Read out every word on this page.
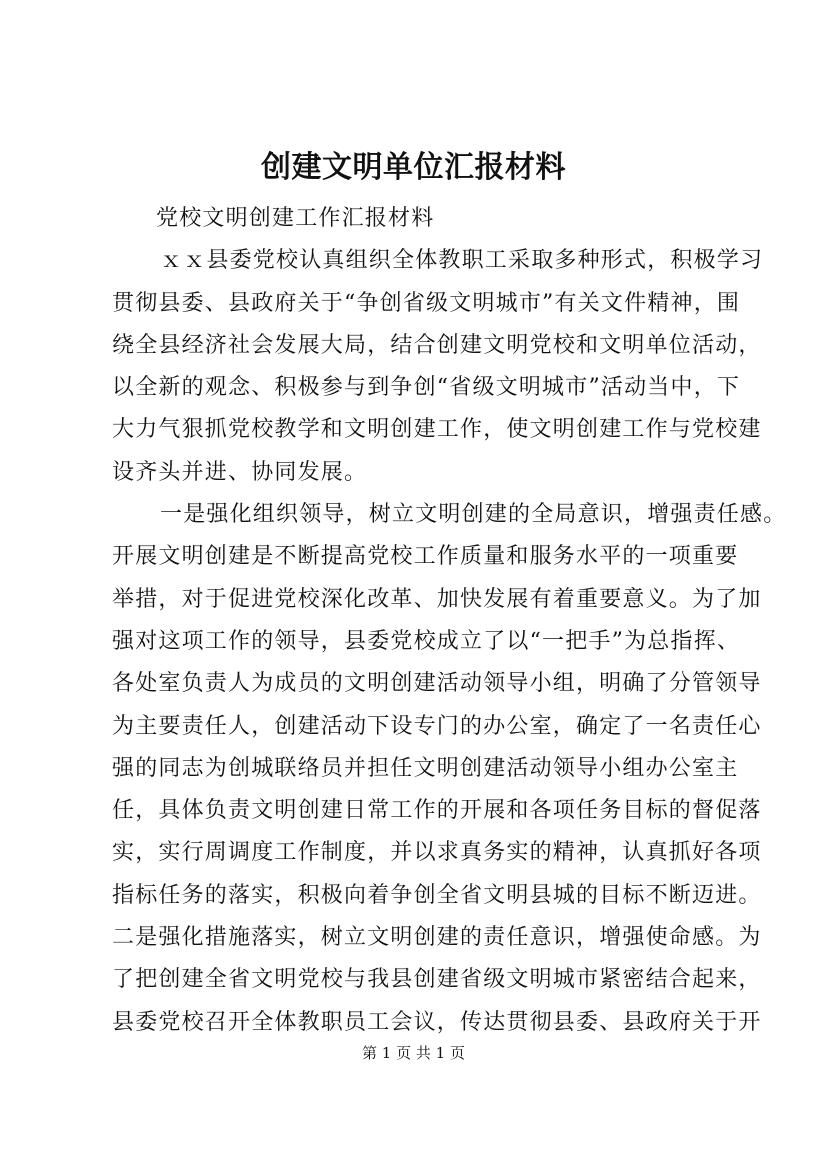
创建文明单位汇报材料
党校文明创建工作汇报材料
ｘｘ县委党校认真组织全体教职工采取多种形式，积极学习
贯彻县委、县政府关于“争创省级文明城市”有关文件精神，围
绕全县经济社会发展大局，结合创建文明党校和文明单位活动，
以全新的观念、积极参与到争创“省级文明城市”活动当中，下
大力气狠抓党校教学和文明创建工作，使文明创建工作与党校建
设齐头并进、协同发展。
一是强化组织领导，树立文明创建的全局意识，增强责任感。
开展文明创建是不断提高党校工作质量和服务水平的一项重要
举措，对于促进党校深化改革、加快发展有着重要意义。为了加
强对这项工作的领导，县委党校成立了以“一把手”为总指挥、
各处室负责人为成员的文明创建活动领导小组，明确了分管领导
为主要责任人，创建活动下设专门的办公室，确定了一名责任心
强的同志为创城联络员并担任文明创建活动领导小组办公室主
任，具体负责文明创建日常工作的开展和各项任务目标的督促落
实，实行周调度工作制度，并以求真务实的精神，认真抓好各项
指标任务的落实，积极向着争创全省文明县城的目标不断迈进。
二是强化措施落实，树立文明创建的责任意识，增强使命感。为
了把创建全省文明党校与我县创建省级文明城市紧密结合起来，
县委党校召开全体教职员工会议，传达贯彻县委、县政府关于开
第 1 页 共 1 页
